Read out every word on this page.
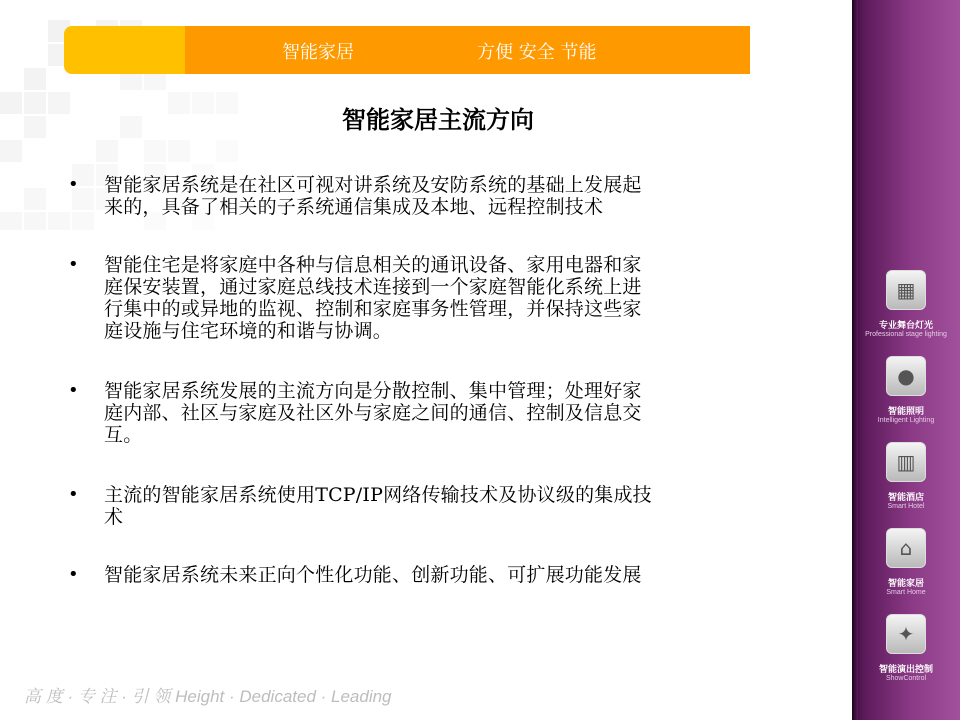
智能家居	方便 安全 节能
智能家居主流方向
•	智能家居系统是在社区可视对讲系统及安防系统的基础上发展起
来的，具备了相关的子系统通信集成及本地、远程控制技术
•	智能住宅是将家庭中各种与信息相关的通讯设备、家用电器和家
庭保安装置，通过家庭总线技术连接到一个家庭智能化系统上进
行集中的或异地的监视、控制和家庭事务性管理，并保持这些家
庭设施与住宅环境的和谐与协调。
•	智能家居系统发展的主流方向是分散控制、集中管理；处理好家
庭内部、社区与家庭及社区外与家庭之间的通信、控制及信息交
互。
•	主流的智能家居系统使用TCP/IP网络传输技术及协议级的集成技
术
•	智能家居系统未来正向个性化功能、创新功能、可扩展功能发展
高 度 · 专 注 · 引 领 Height · Dedicated · Leading
▦
专业舞台灯光
Professional stage lighting
●
智能照明
Intelligent Lighting
▥
智能酒店
Smart Hotel
⌂
智能家居
Smart Home
✦
智能演出控制
ShowControl
